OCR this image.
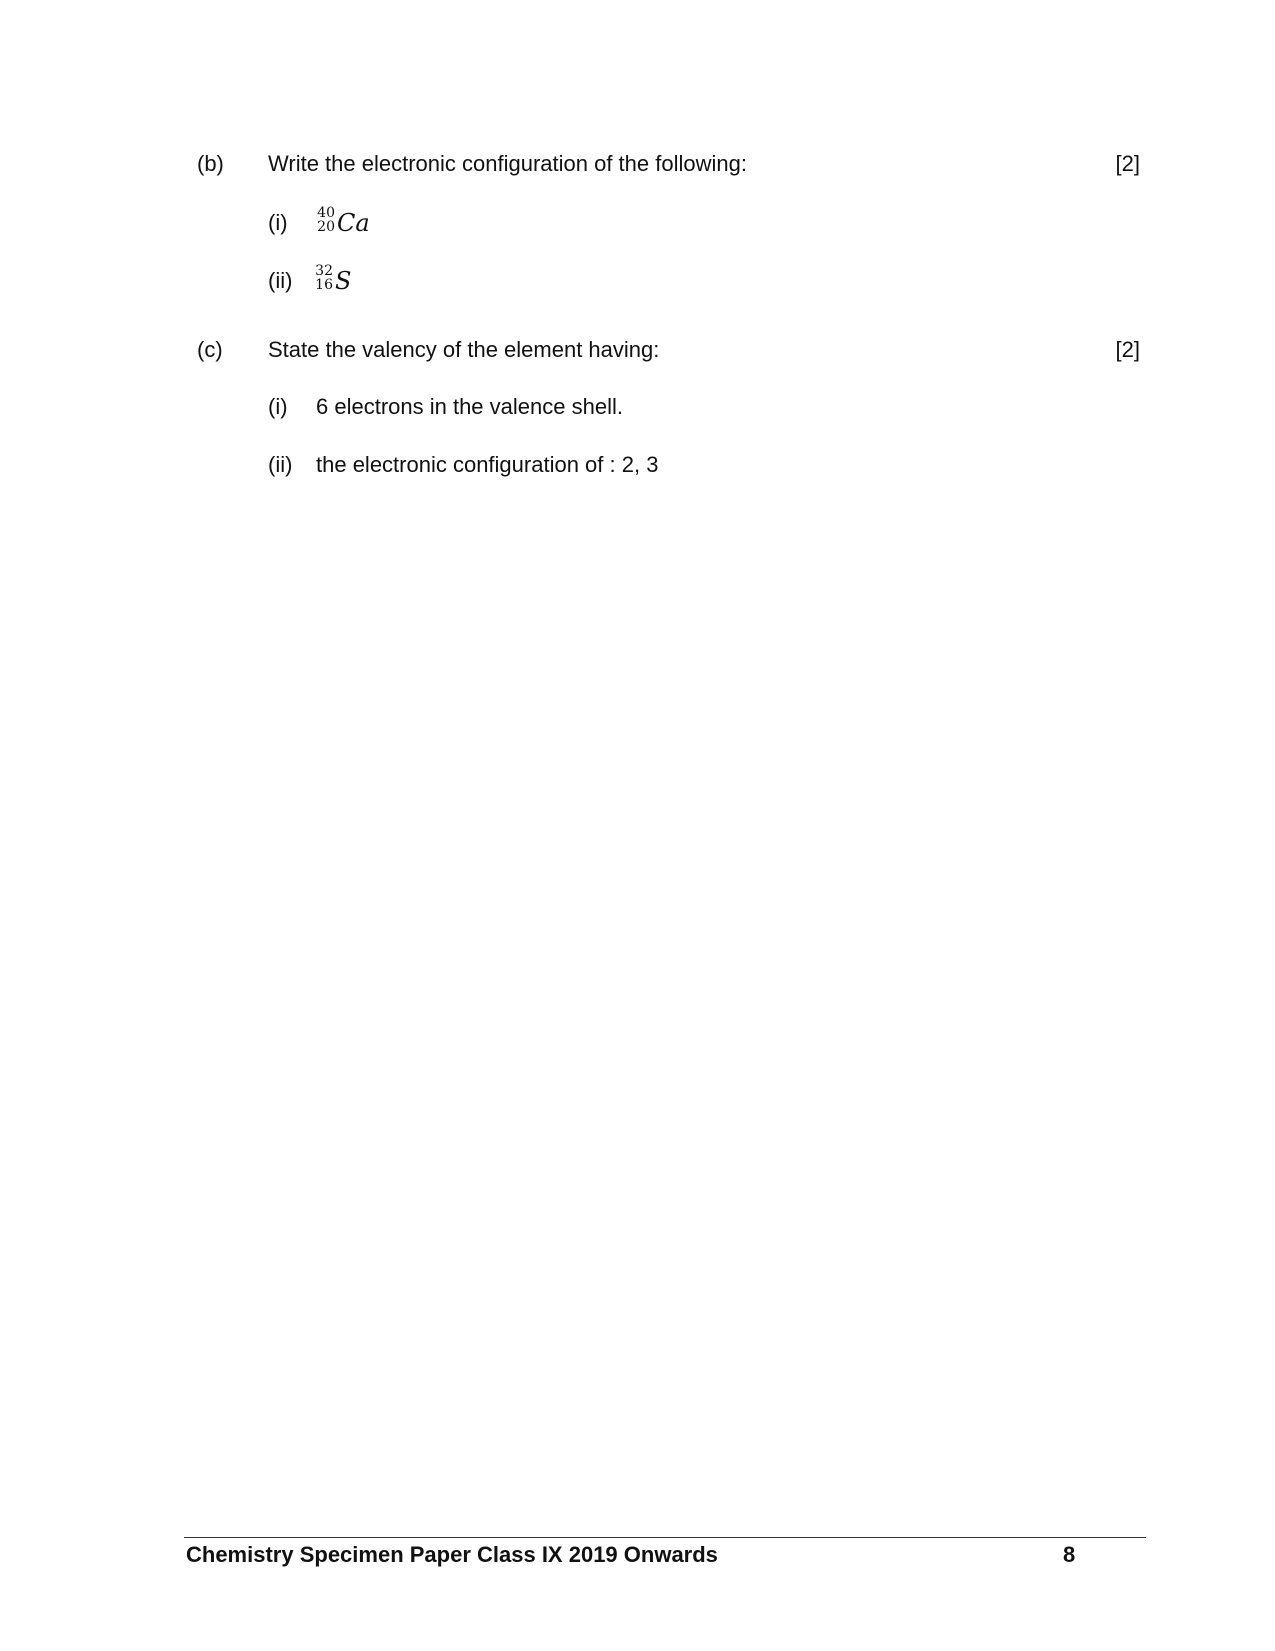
(b) Write the electronic configuration of the following:	[2]
(i)	40
20 Ca
(ii)	32
16 S
(c) State the valency of the element having:	[2]
(i) 6 electrons in the valence shell.
(ii) the electronic configuration of : 2, 3
Chemistry Specimen Paper Class IX 2019 Onwards	8
